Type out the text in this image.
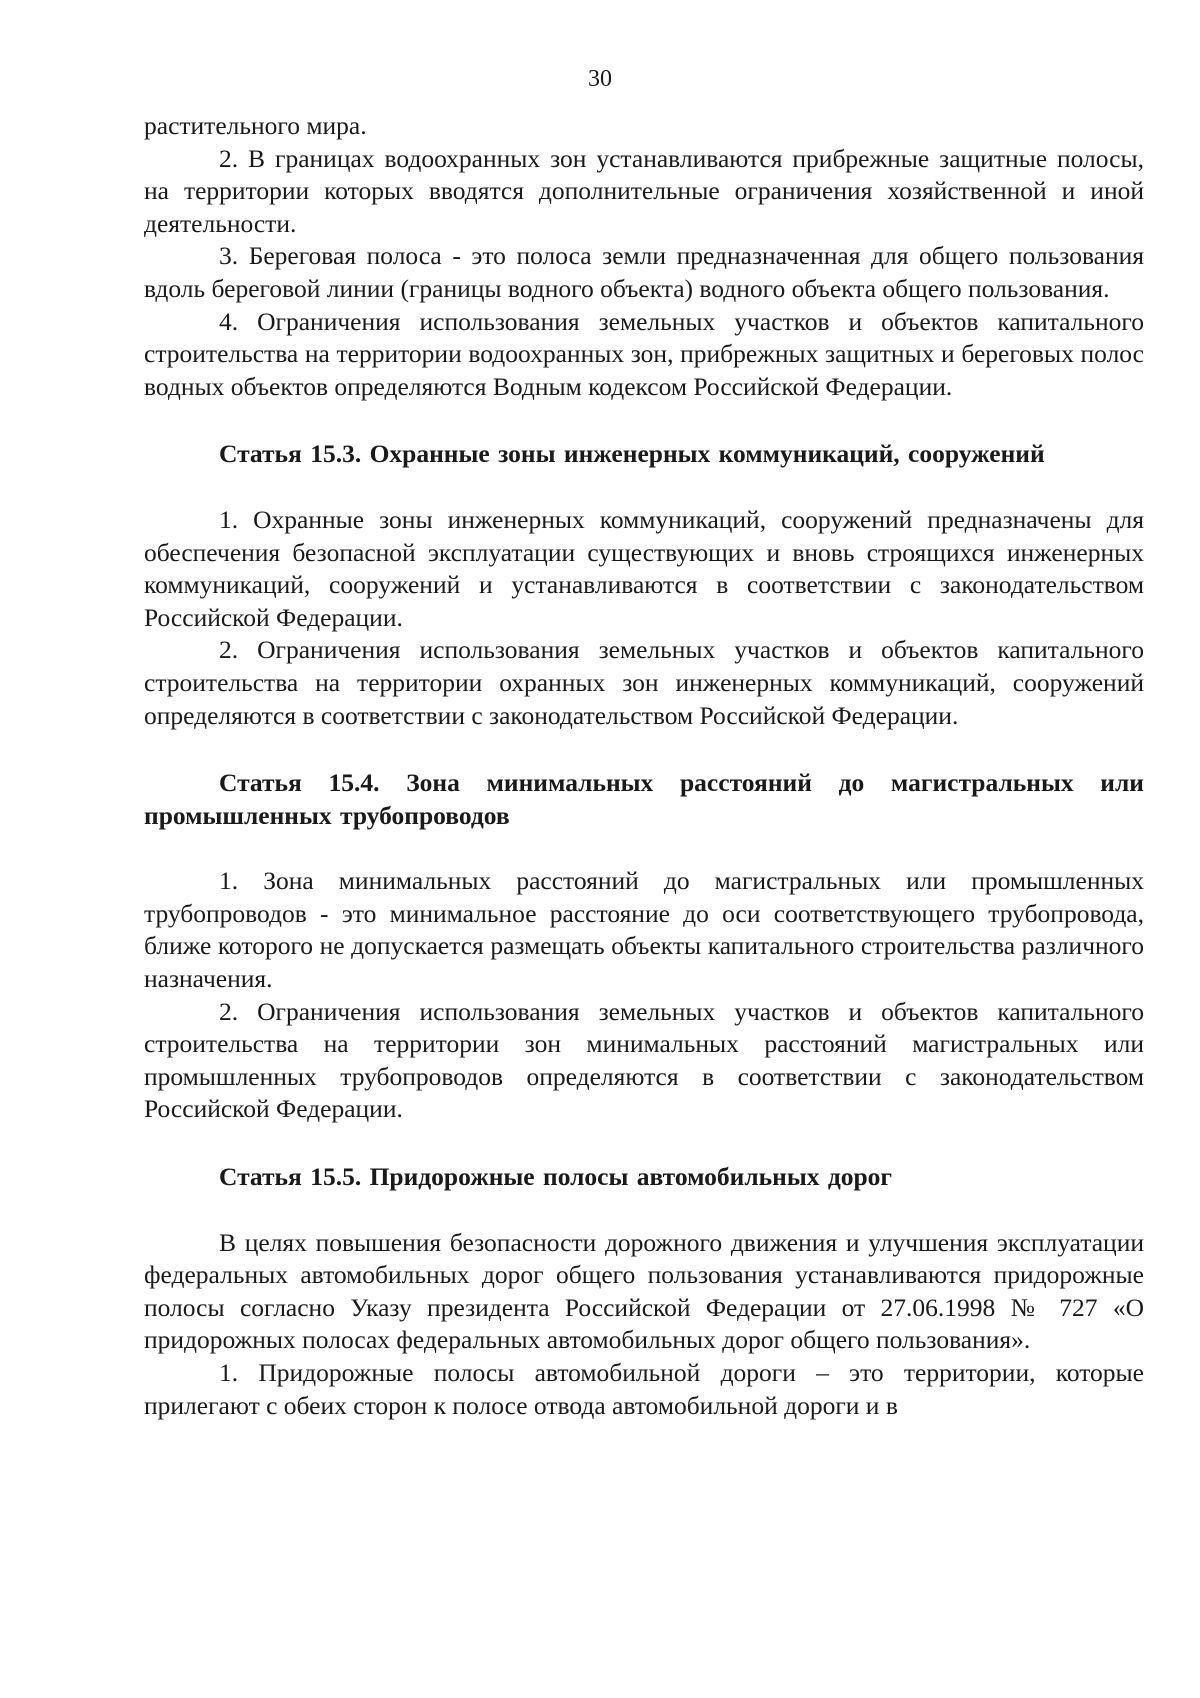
30

растительного мира.

2. В границах водоохранных зон устанавливаются прибрежные защитные полосы, на территории которых вводятся дополнительные ограничения хозяйственной и иной деятельности.

3. Береговая полоса - это полоса земли предназначенная для общего пользования вдоль береговой линии (границы водного объекта) водного объекта общего пользования.

4. Ограничения использования земельных участков и объектов капитального строительства на территории водоохранных зон, прибрежных защитных и береговых полос водных объектов определяются Водным кодексом Российской Федерации.

Статья 15.3. Охранные зоны инженерных коммуникаций, сооружений

1. Охранные зоны инженерных коммуникаций, сооружений предназначены для обеспечения безопасной эксплуатации существующих и вновь строящихся инженерных коммуникаций, сооружений и устанавливаются в соответствии с законодательством Российской Федерации.

2. Ограничения использования земельных участков и объектов капитального строительства на территории охранных зон инженерных коммуникаций, сооружений определяются в соответствии с законодательством Российской Федерации.

Статья 15.4. Зона минимальных расстояний до магистральных или промышленных трубопроводов

1. Зона минимальных расстояний до магистральных или промышленных трубопроводов - это минимальное расстояние до оси соответствующего трубопровода, ближе которого не допускается размещать объекты капитального строительства различного назначения.

2. Ограничения использования земельных участков и объектов капитального строительства на территории зон минимальных расстояний магистральных или промышленных трубопроводов определяются в соответствии с законодательством Российской Федерации.

Статья 15.5. Придорожные полосы автомобильных дорог

В целях повышения безопасности дорожного движения и улучшения эксплуатации федеральных автомобильных дорог общего пользования устанавливаются придорожные полосы согласно Указу президента Российской Федерации от 27.06.1998 № 727 «О придорожных полосах федеральных автомобильных дорог общего пользования».

1. Придорожные полосы автомобильной дороги – это территории, которые прилегают с обеих сторон к полосе отвода автомобильной дороги и в
